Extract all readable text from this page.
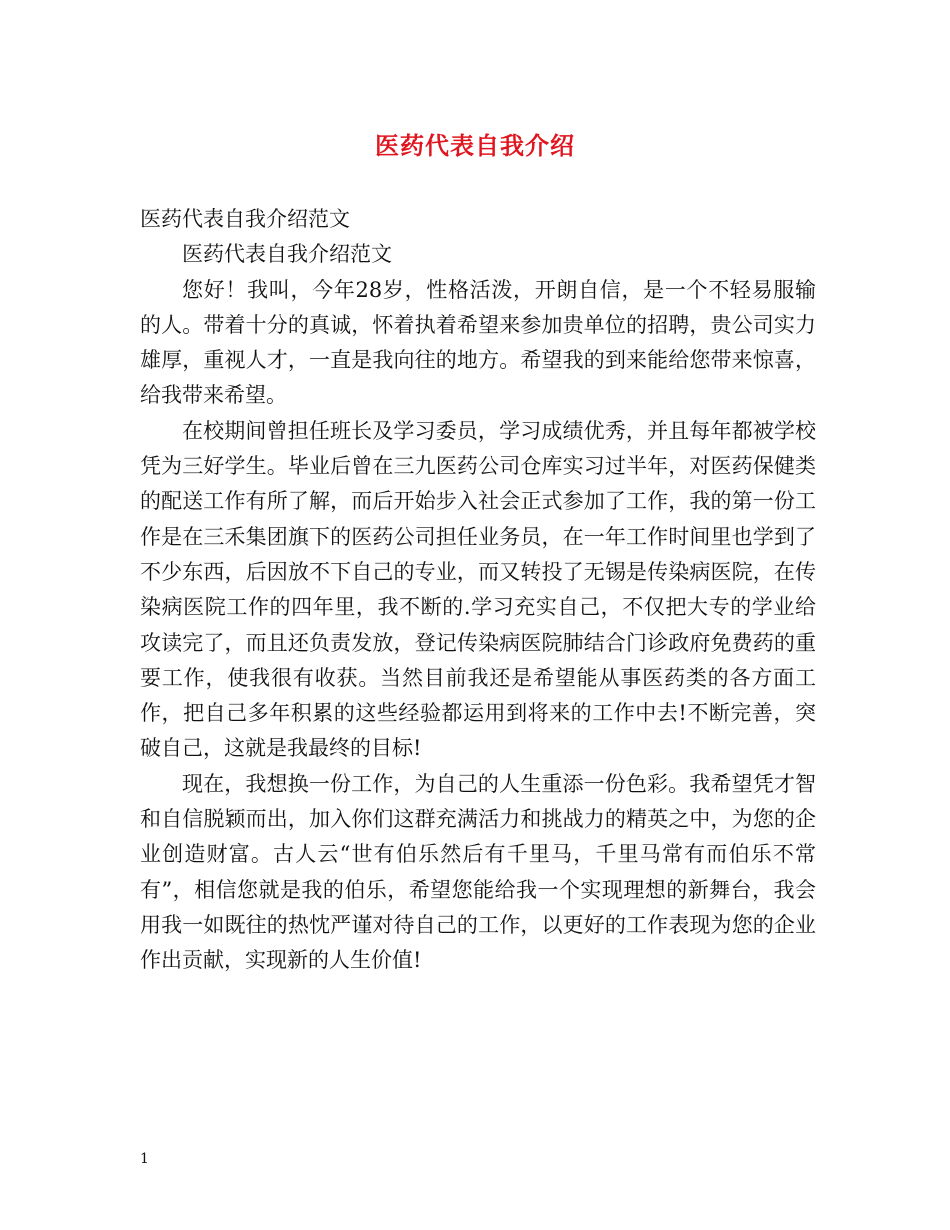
医药代表自我介绍

医药代表自我介绍范文

医药代表自我介绍范文

您好！我叫，今年28岁，性格活泼，开朗自信，是一个不轻易服输的人。带着十分的真诚，怀着执着希望来参加贵单位的招聘，贵公司实力雄厚，重视人才，一直是我向往的地方。希望我的到来能给您带来惊喜，给我带来希望。

在校期间曾担任班长及学习委员，学习成绩优秀，并且每年都被学校凭为三好学生。毕业后曾在三九医药公司仓库实习过半年，对医药保健类的配送工作有所了解，而后开始步入社会正式参加了工作，我的第一份工作是在三禾集团旗下的医药公司担任业务员，在一年工作时间里也学到了不少东西，后因放不下自己的专业，而又转投了无锡是传染病医院，在传染病医院工作的四年里，我不断的.学习充实自己，不仅把大专的学业给攻读完了，而且还负责发放，登记传染病医院肺结合门诊政府免费药的重要工作，使我很有收获。当然目前我还是希望能从事医药类的各方面工作，把自己多年积累的这些经验都运用到将来的工作中去!不断完善，突破自己，这就是我最终的目标!

现在，我想换一份工作，为自己的人生重添一份色彩。我希望凭才智和自信脱颖而出，加入你们这群充满活力和挑战力的精英之中，为您的企业创造财富。古人云“世有伯乐然后有千里马，千里马常有而伯乐不常有”，相信您就是我的伯乐，希望您能给我一个实现理想的新舞台，我会用我一如既往的热忱严谨对待自己的工作，以更好的工作表现为您的企业作出贡献，实现新的人生价值!

1
